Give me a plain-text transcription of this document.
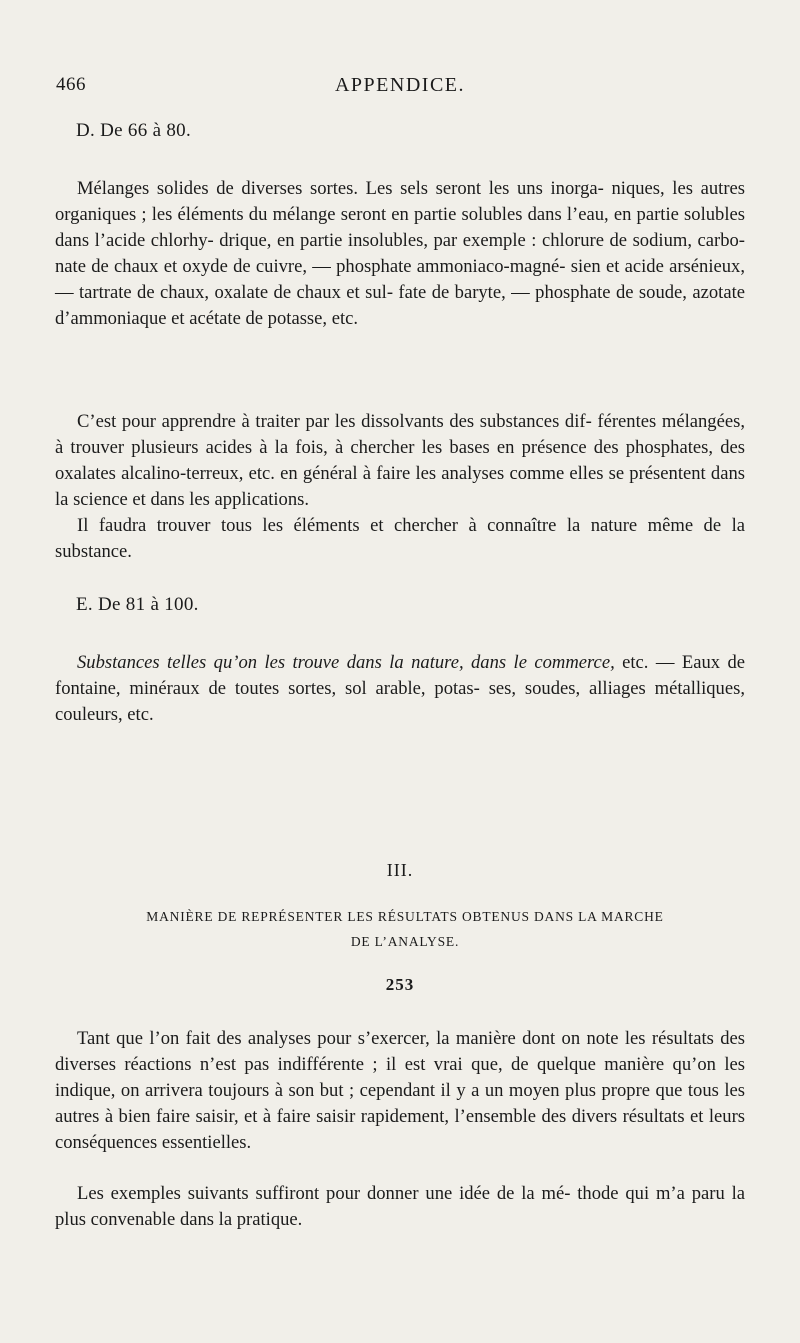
466	APPENDICE.
D. De 66 à 80.

Mélanges solides de diverses sortes. Les sels seront les uns inorga- niques, les autres organiques ; les éléments du mélange seront en partie solubles dans l’eau, en partie solubles dans l’acide chlorhy- drique, en partie insolubles, par exemple : chlorure de sodium, carbo- nate de chaux et oxyde de cuivre, — phosphate ammoniaco-magné- sien et acide arsénieux, — tartrate de chaux, oxalate de chaux et sul- fate de baryte, — phosphate de soude, azotate d’ammoniaque et acétate de potasse, etc.

C’est pour apprendre à traiter par les dissolvants des substances dif- férentes mélangées, à trouver plusieurs acides à la fois, à chercher les bases en présence des phosphates, des oxalates alcalino-terreux, etc. en général à faire les analyses comme elles se présentent dans la science et dans les applications.

Il faudra trouver tous les éléments et chercher à connaître la nature même de la substance.

E. De 81 à 100.

Substances telles qu’on les trouve dans la nature, dans le commerce, etc. — Eaux de fontaine, minéraux de toutes sortes, sol arable, potas- ses, soudes, alliages métalliques, couleurs, etc.

III.
MANIÈRE DE REPRÉSENTER LES RÉSULTATS OBTENUS DANS LA MARCHE
DE L’ANALYSE.
253

Tant que l’on fait des analyses pour s’exercer, la manière dont on note les résultats des diverses réactions n’est pas indifférente ; il est vrai que, de quelque manière qu’on les indique, on arrivera toujours à son but ; cependant il y a un moyen plus propre que tous les autres à bien faire saisir, et à faire saisir rapidement, l’ensemble des divers résultats et leurs conséquences essentielles.

Les exemples suivants suffiront pour donner une idée de la mé- thode qui m’a paru la plus convenable dans la pratique.
